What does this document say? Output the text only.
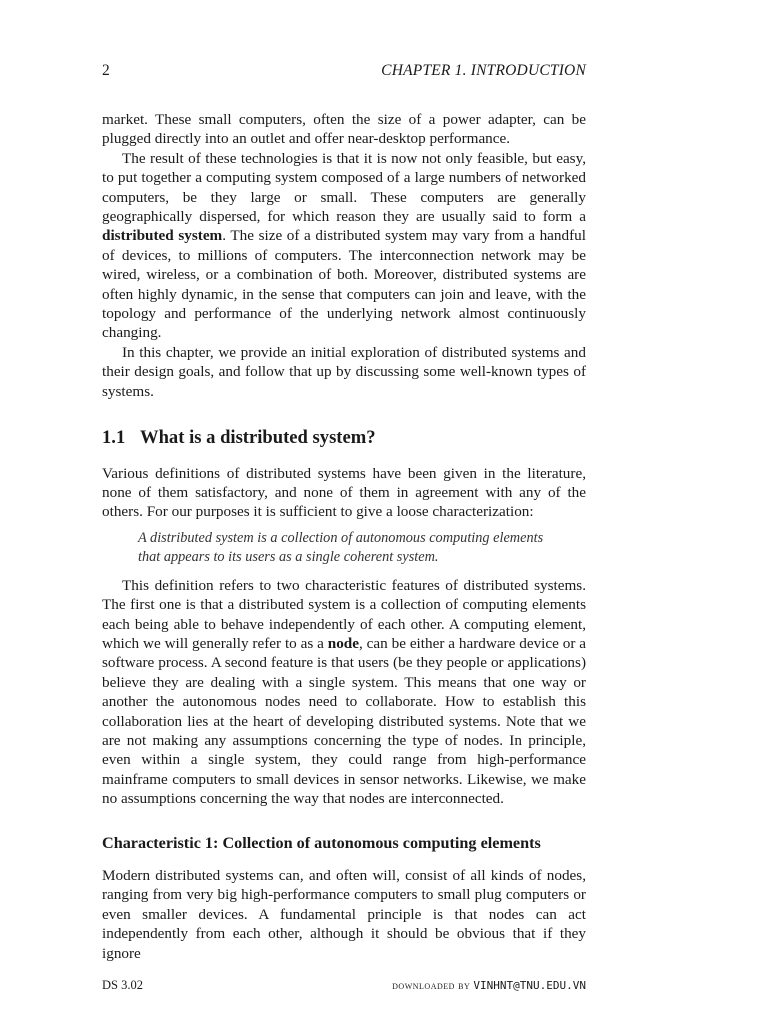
2	CHAPTER 1. INTRODUCTION

market. These small computers, often the size of a power adapter, can be plugged directly into an outlet and offer near-desktop performance.

The result of these technologies is that it is now not only feasible, but easy, to put together a computing system composed of a large numbers of networked computers, be they large or small. These computers are generally geographically dispersed, for which reason they are usually said to form a distributed system. The size of a distributed system may vary from a handful of devices, to millions of computers. The interconnection network may be wired, wireless, or a combination of both. Moreover, distributed systems are often highly dynamic, in the sense that computers can join and leave, with the topology and performance of the underlying network almost continuously changing.

In this chapter, we provide an initial exploration of distributed systems and their design goals, and follow that up by discussing some well-known types of systems.

1.1 What is a distributed system?

Various definitions of distributed systems have been given in the literature, none of them satisfactory, and none of them in agreement with any of the others. For our purposes it is sufficient to give a loose characterization:

A distributed system is a collection of autonomous computing elements that appears to its users as a single coherent system.

This definition refers to two characteristic features of distributed systems. The first one is that a distributed system is a collection of computing elements each being able to behave independently of each other. A computing element, which we will generally refer to as a node, can be either a hardware device or a software process. A second feature is that users (be they people or applications) believe they are dealing with a single system. This means that one way or another the autonomous nodes need to collaborate. How to establish this collaboration lies at the heart of developing distributed systems. Note that we are not making any assumptions concerning the type of nodes. In principle, even within a single system, they could range from high-performance mainframe computers to small devices in sensor networks. Likewise, we make no assumptions concerning the way that nodes are interconnected.

Characteristic 1: Collection of autonomous computing elements

Modern distributed systems can, and often will, consist of all kinds of nodes, ranging from very big high-performance computers to small plug computers or even smaller devices. A fundamental principle is that nodes can act independently from each other, although it should be obvious that if they ignore

DS 3.02	downloaded by VINHNT@TNU.EDU.VN
